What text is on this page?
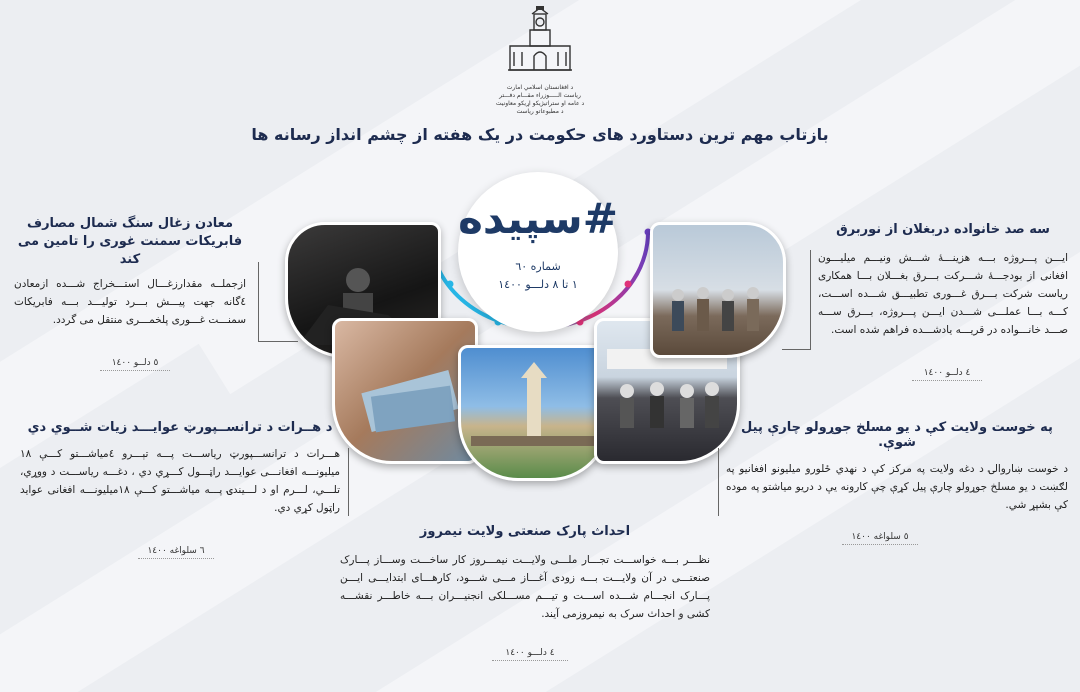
د افغانستان اسلامي امارت
رياست الـــــوزراء مقـــام دفـــتر
د عامه او ستراتيژيکو اړيکو معاونيت
د مطبوعاتو رياست
بازتاب مهم ترین دستاورد های حکومت در یک هفته از چشم انداز رسانه ها
#سپیده
شماره ٦٠
١ تا ٨ دلـــو ١٤٠٠
معادن زغال سنگ شمال مصارف فابریکات سمنت غوری را تامین می کند
ازجملــه مقدارزغـــال استـــخراج شـــده ازمعادن ٤گانه جهت پیـــش بـــرد تولیـــد بـــه فابریکات سمنـــت غـــوری پلخمـــری منتقل می گردد.
٥ دلــو ١٤٠٠
سه صد خانواده دربغلان از نوربرق
ایـــن پـــروژه بـــه هزینـــۀ شـــش ونیـــم میلیـــون افغانی از بودجـــۀ شـــرکت بـــرق بغـــلان بـــا همکاری ریاست شرکت بـــرق غـــوری تطبیـــق شـــده اســـت، کـــه بـــا عملـــی شـــدن ایـــن پـــروژه، بـــرق ســـه صـــد خانـــواده در قریـــه یادشـــده فراهم شده است.
٤ دلــو ١٤٠٠
د هــرات د ترانســپورټ عوایـــد زیات شــوي دي
هـــرات د ترانســـپورټ ریاســـت پـــه تېـــرو ٤میاشـــتو کـــې ۱۸ میلیونـــه افغانـــی عوایـــد راټـــول کـــړي دي ، دغـــه ریاســـت د ووړي، تلـــي، لـــرم او د لـــيندۍ پـــه میاشـــتو کـــې ۱۸میلیونـــه افغانی عواید راټول کړي دي.
٦ سلواغه ١٤٠٠
په خوست ولایت کې د یو مسلخ جوړولو چارې پیل شوې.
د خوست ښاروالۍ د دغه ولایت په مرکز کې د نهدي ځلورو میلیونو افغانیو په لګښت د یو مسلخ جوړولو چارې پیل کړې چې کارونه یې د دریو میاشتو په موده کې بشپړ شي.
٥ سلواغه ١٤٠٠
احداث پارک صنعتی ولایت نیمروز
نظـــر بـــه خواســـت تجـــار ملـــی ولایـــت نیمـــروز کار ساخـــت وســـاز پـــارک صنعتـــی در آن ولایـــت بـــه زودی آغـــاز مـــی شـــود، کارهـــای ابتدایـــی ایـــن پـــارک انجـــام شـــده اســـت و تیـــم مســـلکی انجنیـــران بـــه خاطـــر نقشـــه کشی و احداث سرک به نیمروزمی آیند.
٤ دلـــو ١٤٠٠
